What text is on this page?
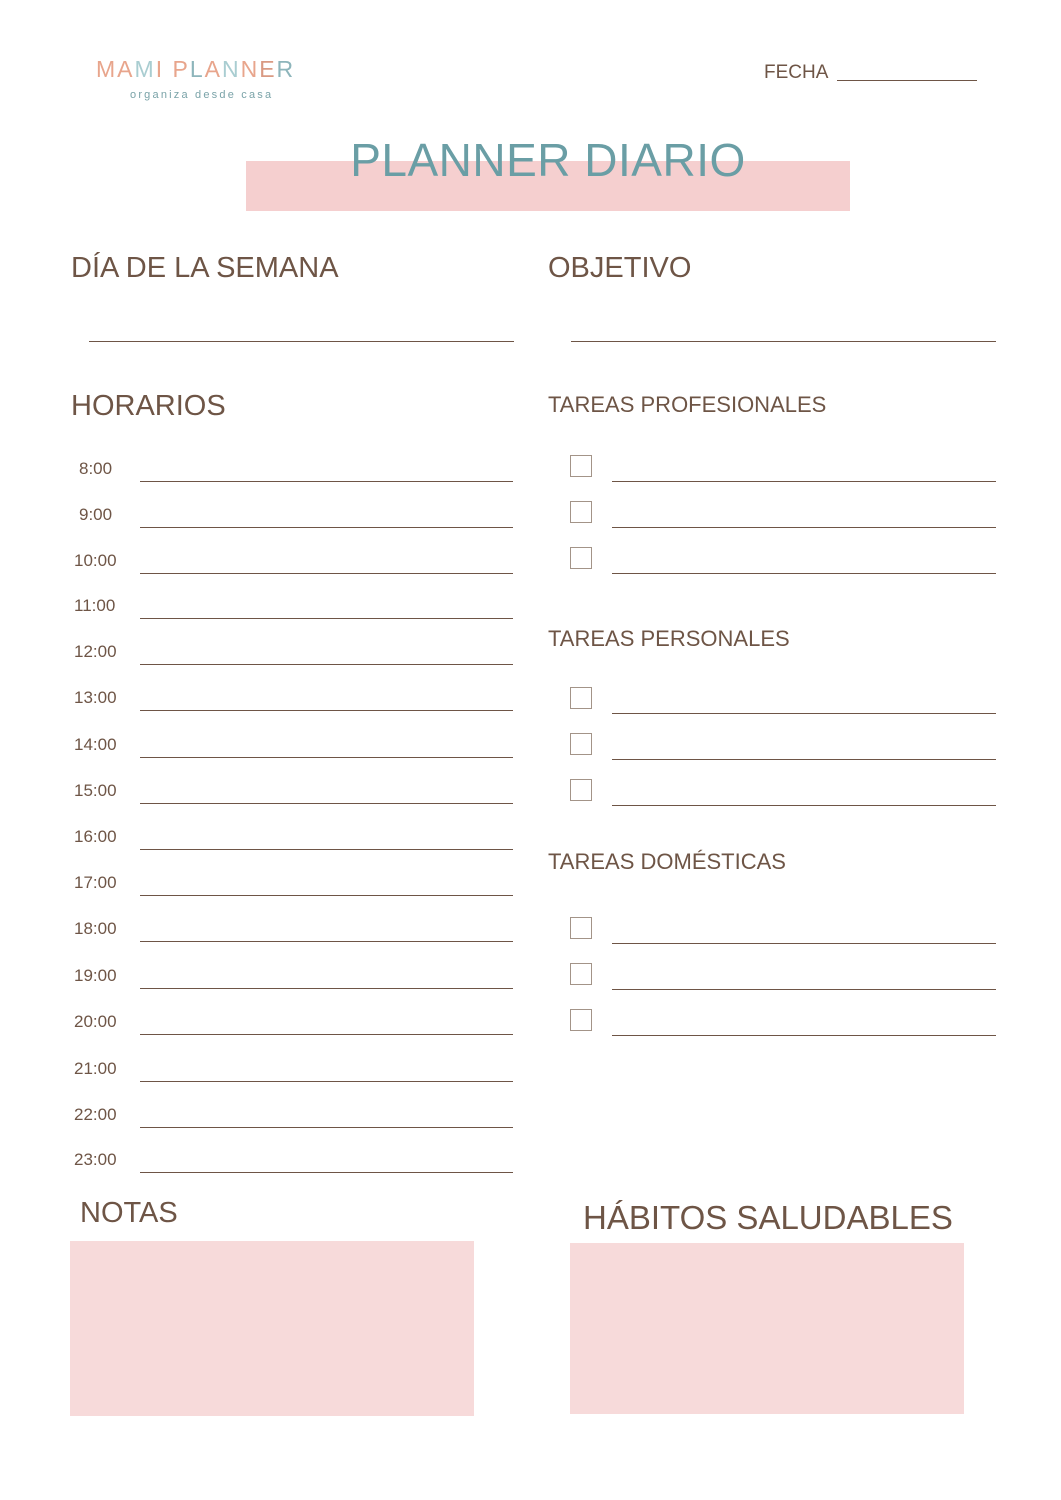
MAMI PLANNER
organiza desde casa
FECHA
PLANNER DIARIO
DÍA DE LA SEMANA	OBJETIVO
HORARIOS
8:00
9:00
10:00
11:00
12:00
13:00
14:00
15:00
16:00
17:00
18:00
19:00
20:00
21:00
22:00
23:00
TAREAS PROFESIONALES
TAREAS PERSONALES
TAREAS DOMÉSTICAS
NOTAS	HÁBITOS SALUDABLES
